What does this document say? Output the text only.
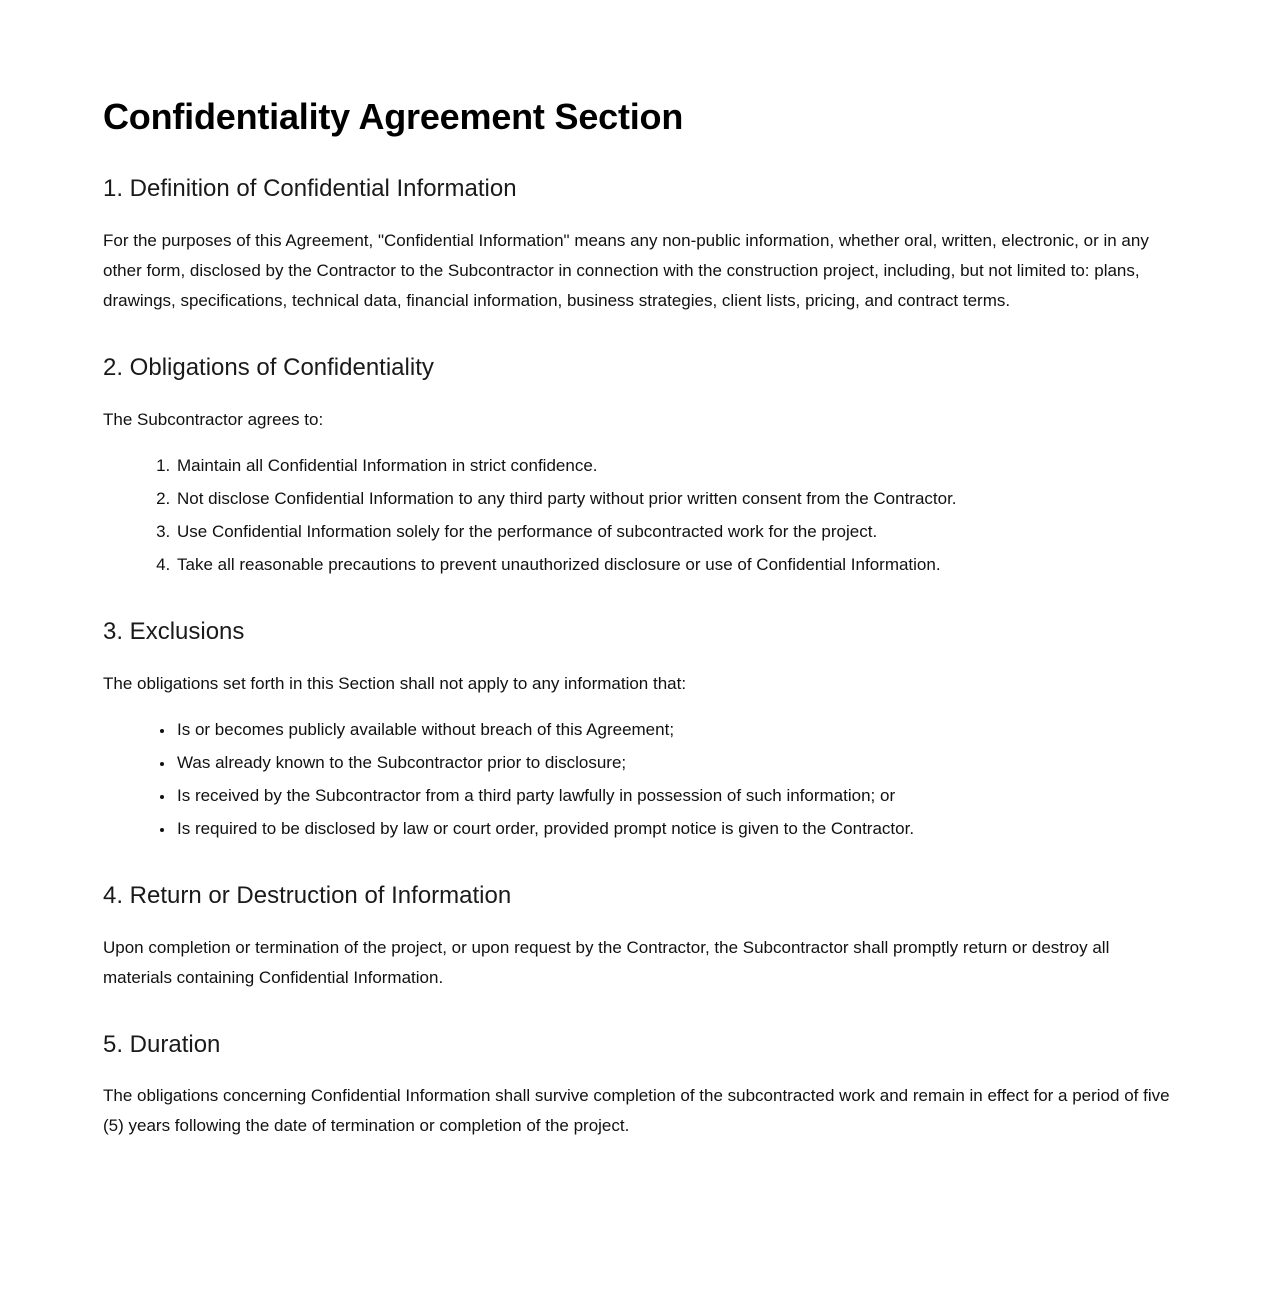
Confidentiality Agreement Section
1. Definition of Confidential Information

For the purposes of this Agreement, "Confidential Information" means any non-public information, whether oral, written, electronic, or in any other form, disclosed by the Contractor to the Subcontractor in connection with the construction project, including, but not limited to: plans, drawings, specifications, technical data, financial information, business strategies, client lists, pricing, and contract terms.

2. Obligations of Confidentiality

The Subcontractor agrees to:

1. Maintain all Confidential Information in strict confidence.
2. Not disclose Confidential Information to any third party without prior written consent from the Contractor.
3. Use Confidential Information solely for the performance of subcontracted work for the project.
4. Take all reasonable precautions to prevent unauthorized disclosure or use of Confidential Information.
3. Exclusions

The obligations set forth in this Section shall not apply to any information that:

• Is or becomes publicly available without breach of this Agreement;
• Was already known to the Subcontractor prior to disclosure;
• Is received by the Subcontractor from a third party lawfully in possession of such information; or
• Is required to be disclosed by law or court order, provided prompt notice is given to the Contractor.
4. Return or Destruction of Information

Upon completion or termination of the project, or upon request by the Contractor, the Subcontractor shall promptly return or destroy all materials containing Confidential Information.

5. Duration

The obligations concerning Confidential Information shall survive completion of the subcontracted work and remain in effect for a period of five (5) years following the date of termination or completion of the project.
